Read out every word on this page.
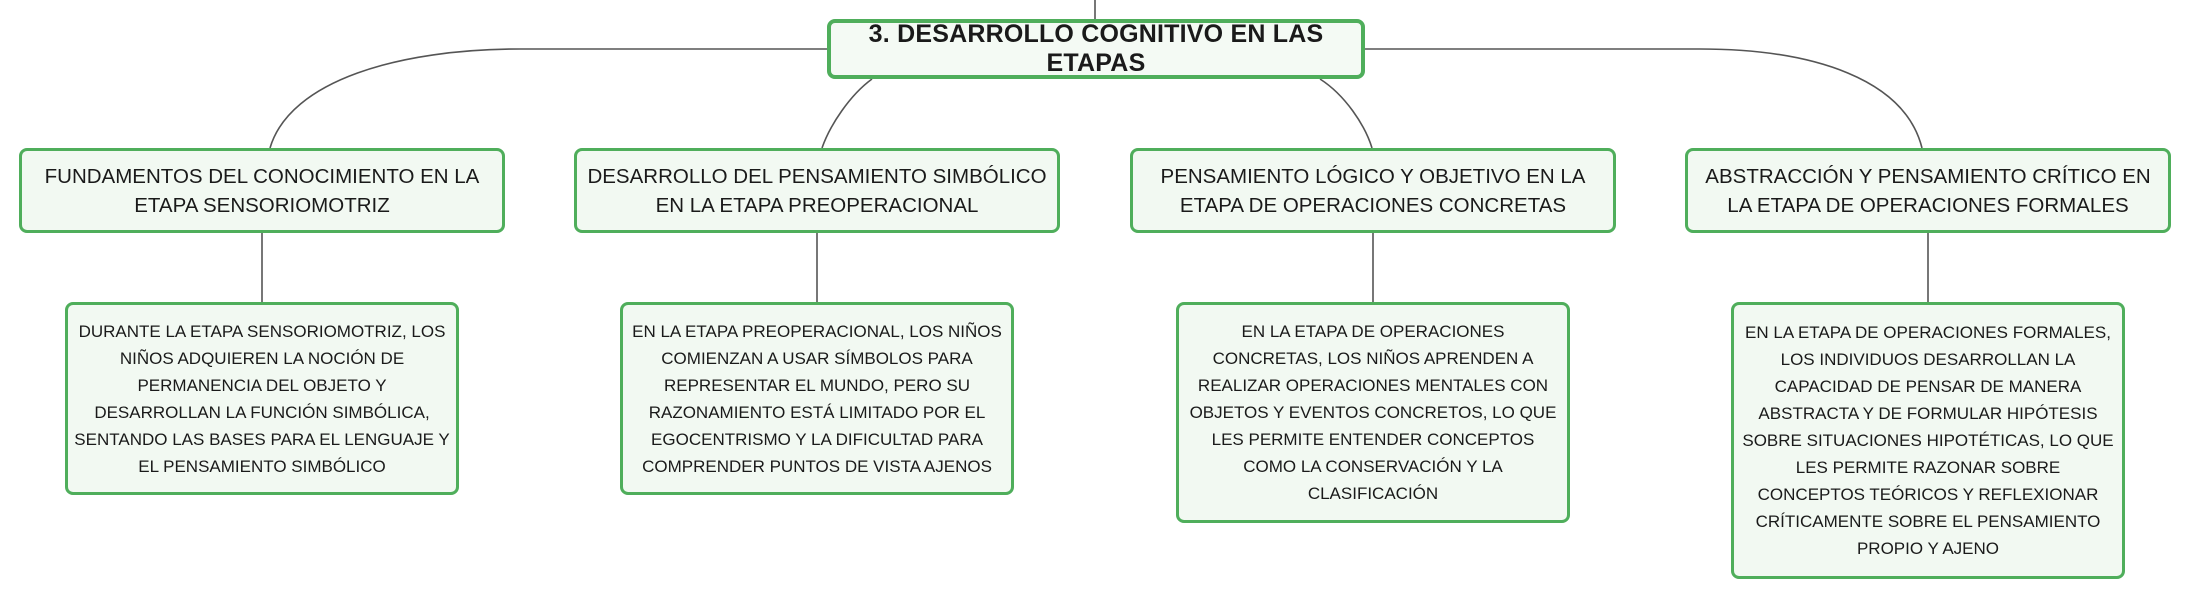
3. DESARROLLO COGNITIVO EN LAS ETAPAS
FUNDAMENTOS DEL CONOCIMIENTO EN LA ETAPA SENSORIOMOTRIZ
DESARROLLO DEL PENSAMIENTO SIMBÓLICO EN LA ETAPA PREOPERACIONAL
PENSAMIENTO LÓGICO Y OBJETIVO EN LA ETAPA DE OPERACIONES CONCRETAS
ABSTRACCIÓN Y PENSAMIENTO CRÍTICO EN LA ETAPA DE OPERACIONES FORMALES
DURANTE LA ETAPA SENSORIOMOTRIZ, LOS NIÑOS ADQUIEREN LA NOCIÓN DE PERMANENCIA DEL OBJETO Y DESARROLLAN LA FUNCIÓN SIMBÓLICA, SENTANDO LAS BASES PARA EL LENGUAJE Y EL PENSAMIENTO SIMBÓLICO
EN LA ETAPA PREOPERACIONAL, LOS NIÑOS COMIENZAN A USAR SÍMBOLOS PARA REPRESENTAR EL MUNDO, PERO SU RAZONAMIENTO ESTÁ LIMITADO POR EL EGOCENTRISMO Y LA DIFICULTAD PARA COMPRENDER PUNTOS DE VISTA AJENOS
EN LA ETAPA DE OPERACIONES CONCRETAS, LOS NIÑOS APRENDEN A REALIZAR OPERACIONES MENTALES CON OBJETOS Y EVENTOS CONCRETOS, LO QUE LES PERMITE ENTENDER CONCEPTOS COMO LA CONSERVACIÓN Y LA CLASIFICACIÓN
EN LA ETAPA DE OPERACIONES FORMALES, LOS INDIVIDUOS DESARROLLAN LA CAPACIDAD DE PENSAR DE MANERA ABSTRACTA Y DE FORMULAR HIPÓTESIS SOBRE SITUACIONES HIPOTÉTICAS, LO QUE LES PERMITE RAZONAR SOBRE CONCEPTOS TEÓRICOS Y REFLEXIONAR CRÍTICAMENTE SOBRE EL PENSAMIENTO PROPIO Y AJENO
